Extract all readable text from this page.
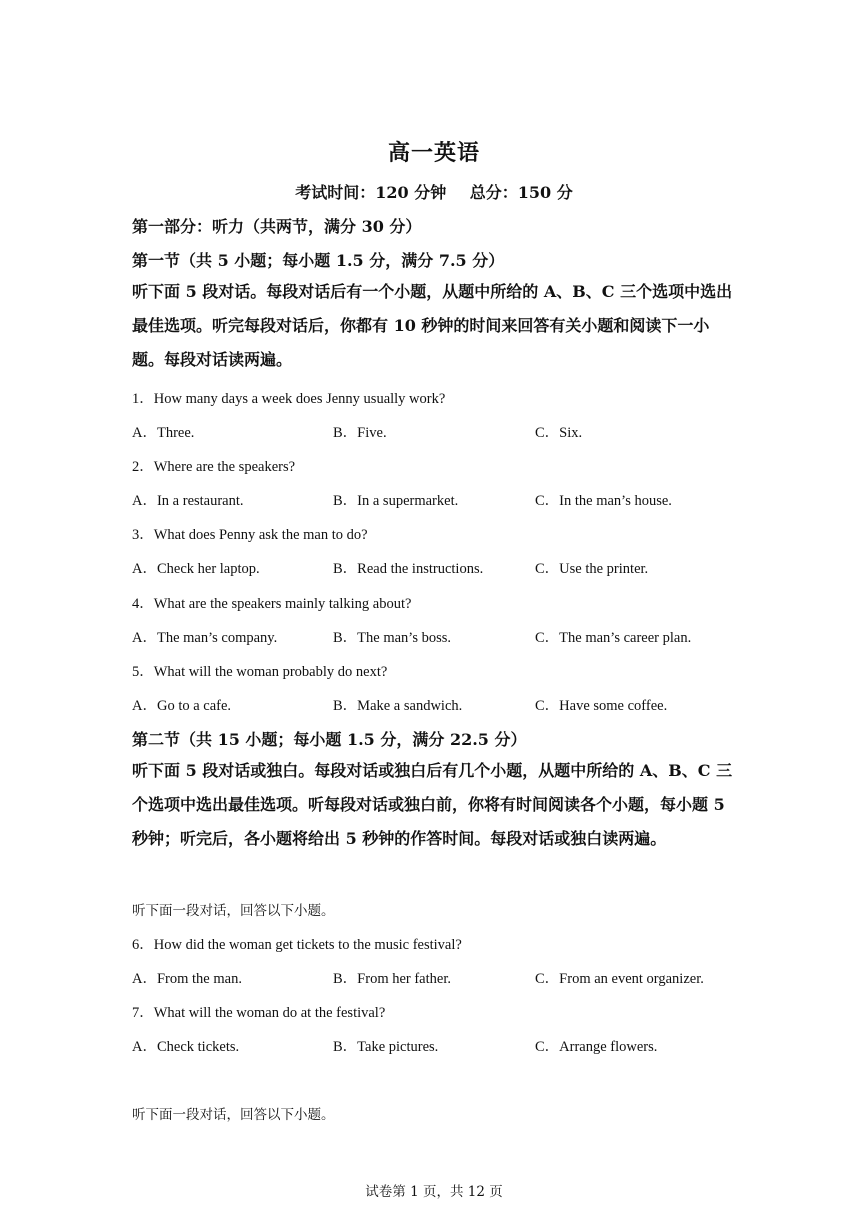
高一英语
考试时间：120 分钟 总分：150 分
第一部分：听力（共两节，满分 30 分）
第一节（共 5 小题；每小题 1.5 分，满分 7.5 分）
听下面 5 段对话。每段对话后有一个小题，从题中所给的 A、B、C 三个选项中选出最佳选项。听完每段对话后，你都有 10 秒钟的时间来回答有关小题和阅读下一小题。每段对话读两遍。
1．How many days a week does Jenny usually work?
A．Three.	B．Five.	C．Six.
2．Where are the speakers?
A．In a restaurant.	B．In a supermarket.	C．In the man’s house.
3．What does Penny ask the man to do?
A．Check her laptop.	B．Read the instructions.	C．Use the printer.
4．What are the speakers mainly talking about?
A．The man’s company.	B．The man’s boss.	C．The man’s career plan.
5．What will the woman probably do next?
A．Go to a cafe.	B．Make a sandwich.	C．Have some coffee.
第二节（共 15 小题；每小题 1.5 分，满分 22.5 分）
听下面 5 段对话或独白。每段对话或独白后有几个小题，从题中所给的 A、B、C 三个选项中选出最佳选项。听每段对话或独白前，你将有时间阅读各个小题，每小题 5 秒钟；听完后，各小题将给出 5 秒钟的作答时间。每段对话或独白读两遍。
听下面一段对话，回答以下小题。
6．How did the woman get tickets to the music festival?
A．From the man.	B．From her father.	C．From an event organizer.
7．What will the woman do at the festival?
A．Check tickets.	B．Take pictures.	C．Arrange flowers.
听下面一段对话，回答以下小题。
试卷第 1 页，共 12 页
